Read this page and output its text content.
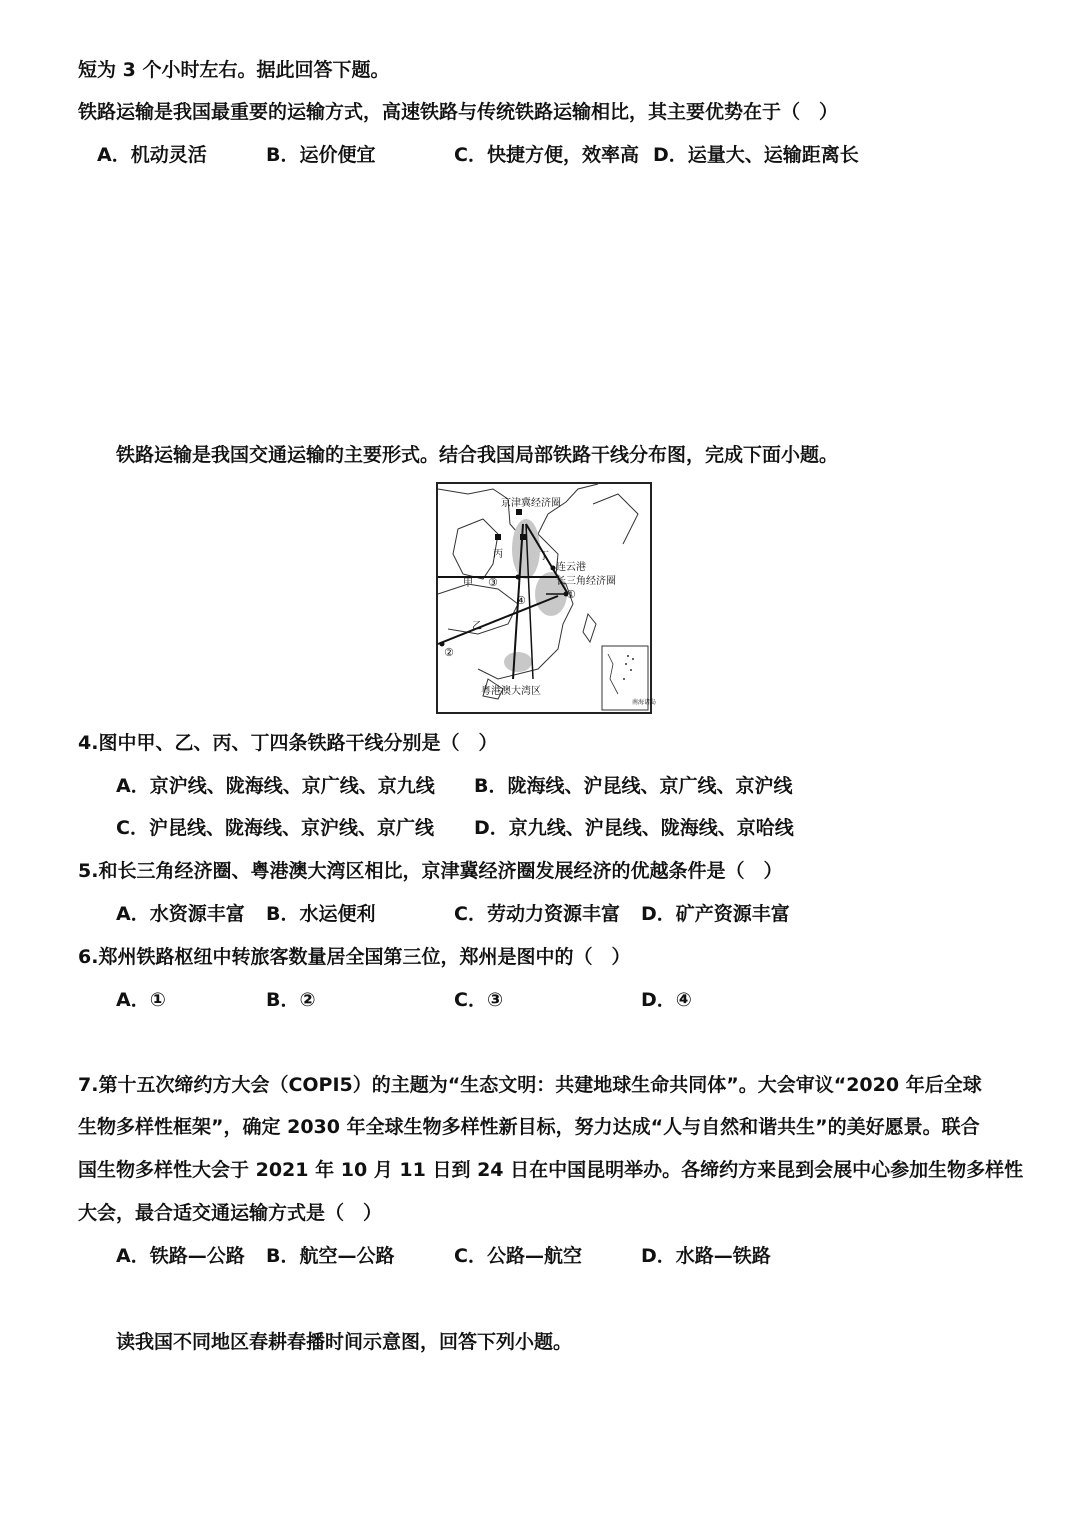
短为 3 个小时左右。据此回答下题。
铁路运输是我国最重要的运输方式，高速铁路与传统铁路运输相比，其主要优势在于（　）
A．机动灵活	B．运价便宜	C．快捷方便，效率高 D．运量大、运输距离长
铁路运输是我国交通运输的主要形式。结合我国局部铁路干线分布图，完成下面小题。
京津冀经济圈
丙	丁
连云港
长三角经济圈
甲
乙
③
④	①
②
粤港澳大湾区
南海诸岛
4.图中甲、乙、丙、丁四条铁路干线分别是（　）
A．京沪线、陇海线、京广线、京九线 B．陇海线、沪昆线、京广线、京沪线
C．沪昆线、陇海线、京沪线、京广线 D．京九线、沪昆线、陇海线、京哈线
5.和长三角经济圈、粤港澳大湾区相比，京津冀经济圈发展经济的优越条件是（　）
A．水资源丰富 B．水运便利	C．劳动力资源丰富 D．矿产资源丰富
6.郑州铁路枢纽中转旅客数量居全国第三位，郑州是图中的（　）
A．①	B．②	C．③	D．④
7.第十五次缔约方大会（COPI5）的主题为“生态文明：共建地球生命共同体”。大会审议“2020 年后全球
生物多样性框架”，确定 2030 年全球生物多样性新目标，努力达成“人与自然和谐共生”的美好愿景。联合
国生物多样性大会于 2021 年 10 月 11 日到 24 日在中国昆明举办。各缔约方来昆到会展中心参加生物多样性
大会，最合适交通运输方式是（　）
A．铁路—公路 B．航空—公路	C．公路—航空	D．水路—铁路
读我国不同地区春耕春播时间示意图，回答下列小题。
